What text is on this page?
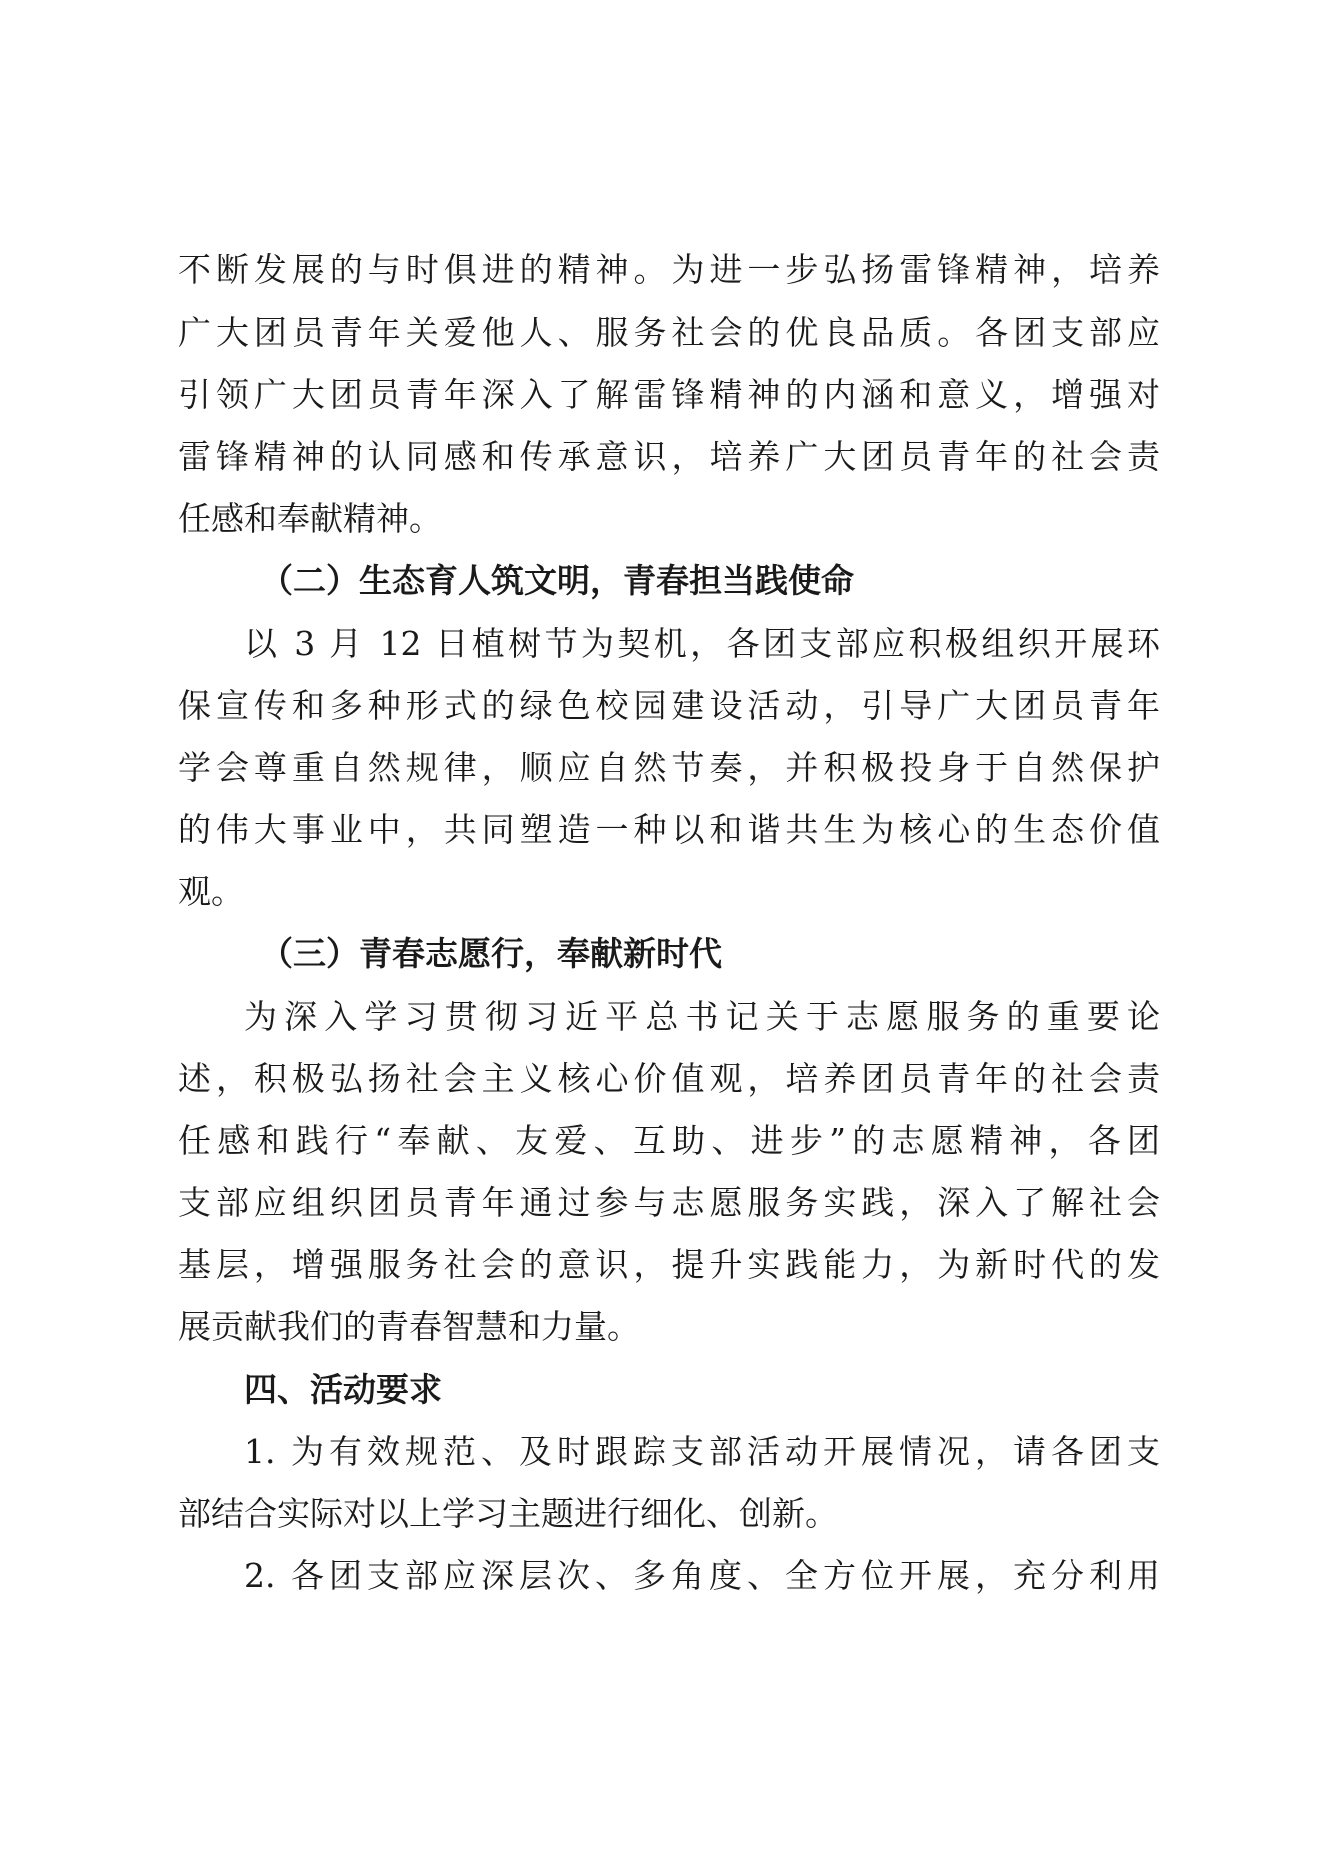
不断发展的与时俱进的精神。为进一步弘扬雷锋精神，培养
广大团员青年关爱他人、服务社会的优良品质。各团支部应
引领广大团员青年深入了解雷锋精神的内涵和意义，增强对
雷锋精神的认同感和传承意识，培养广大团员青年的社会责
任感和奉献精神。
（二）生态育人筑文明，青春担当践使命
以 3 月 12 日植树节为契机，各团支部应积极组织开展环
保宣传和多种形式的绿色校园建设活动，引导广大团员青年
学会尊重自然规律，顺应自然节奏，并积极投身于自然保护
的伟大事业中，共同塑造一种以和谐共生为核心的生态价值
观。
（三）青春志愿行，奉献新时代
为深入学习贯彻习近平总书记关于志愿服务的重要论
述，积极弘扬社会主义核心价值观，培养团员青年的社会责
任感和践行“奉献、友爱、互助、进步”的志愿精神，各团
支部应组织团员青年通过参与志愿服务实践，深入了解社会
基层，增强服务社会的意识，提升实践能力，为新时代的发
展贡献我们的青春智慧和力量。
四、活动要求
1. 为有效规范、及时跟踪支部活动开展情况，请各团支
部结合实际对以上学习主题进行细化、创新。
2. 各团支部应深层次、多角度、全方位开展，充分利用
